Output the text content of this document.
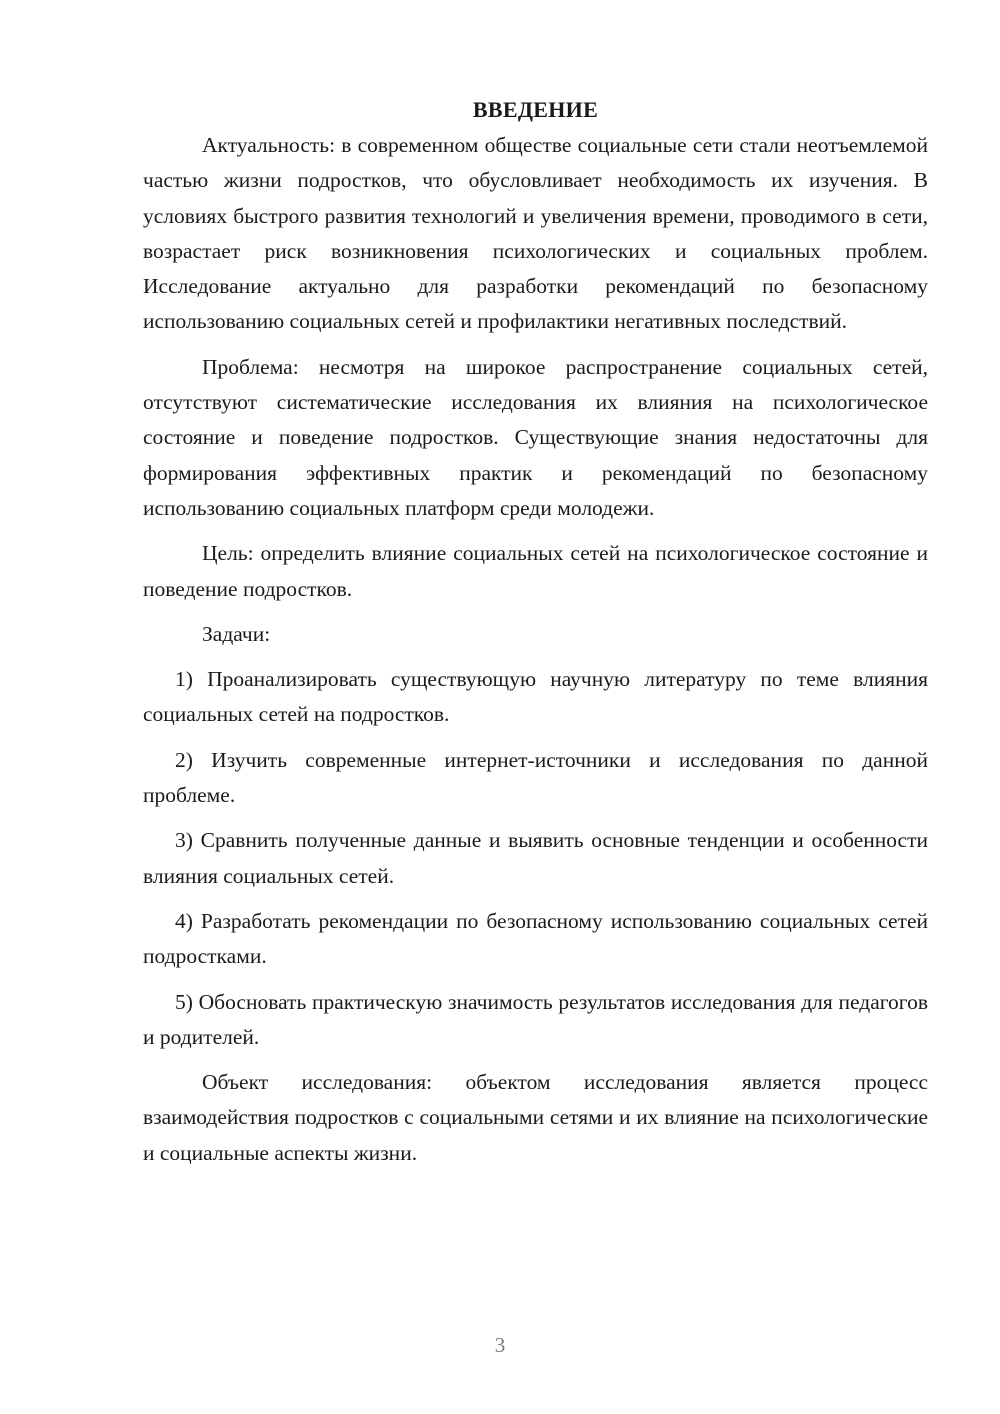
ВВЕДЕНИЕ

Актуальность: в современном обществе социальные сети стали неотъемлемой частью жизни подростков, что обусловливает необходимость их изучения. В условиях быстрого развития технологий и увеличения времени, проводимого в сети, возрастает риск возникновения психологических и социальных проблем. Исследование актуально для разработки рекомендаций по безопасному использованию социальных сетей и профилактики негативных последствий.

Проблема: несмотря на широкое распространение социальных сетей, отсутствуют систематические исследования их влияния на психологическое состояние и поведение подростков. Существующие знания недостаточны для формирования эффективных практик и рекомендаций по безопасному использованию социальных платформ среди молодежи.

Цель: определить влияние социальных сетей на психологическое состояние и поведение подростков.

Задачи:

1) Проанализировать существующую научную литературу по теме влияния социальных сетей на подростков.

2) Изучить современные интернет-источники и исследования по данной проблеме.

3) Сравнить полученные данные и выявить основные тенденции и особенности влияния социальных сетей.

4) Разработать рекомендации по безопасному использованию социальных сетей подростками.

5) Обосновать практическую значимость результатов исследования для педагогов и родителей.

Объект исследования: объектом исследования является процесс взаимодействия подростков с социальными сетями и их влияние на психологические и социальные аспекты жизни.

3
